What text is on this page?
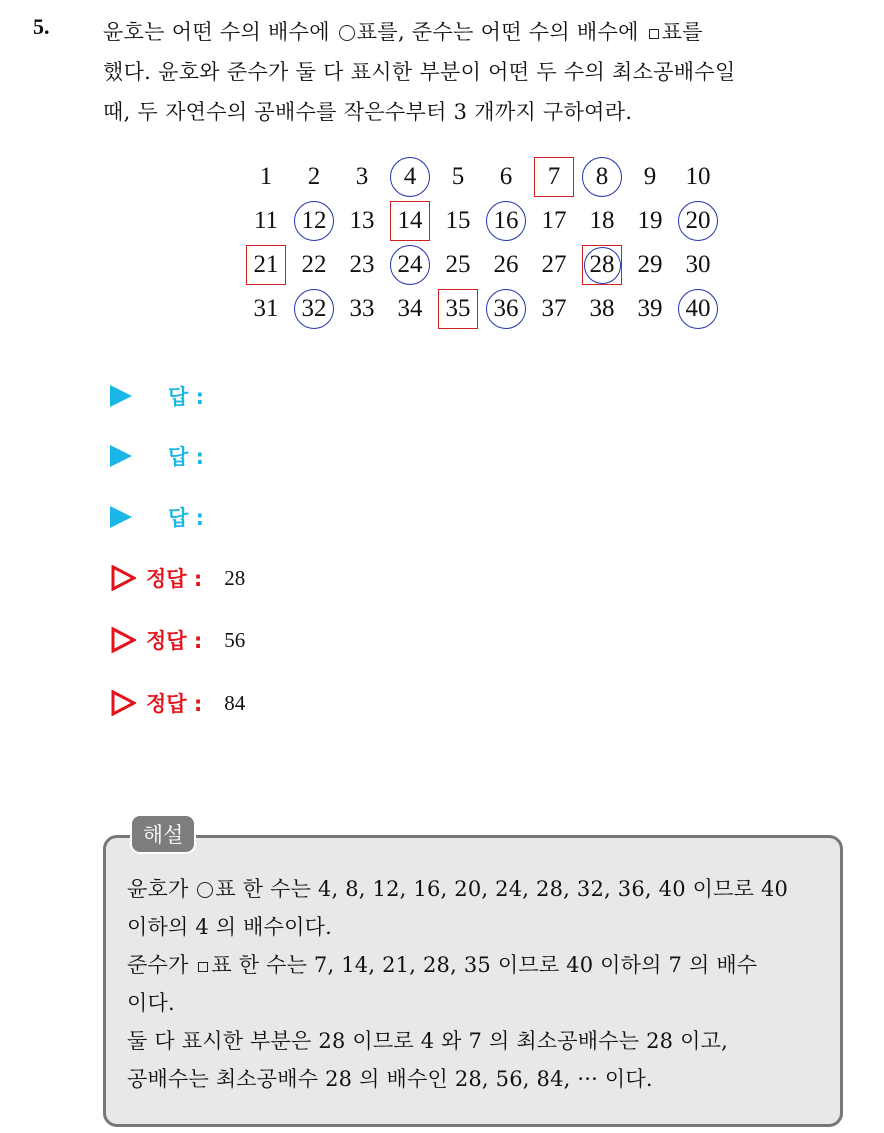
5.	윤호는 어떤 수의 배수에 ○ 표를, 준수는 어떤 수의 배수에 표를
했다. 윤호와 준수가 둘 다 표시한 부분이 어떤 두 수의 최소공배수일
때, 두 자연수의 공배수를 작은수부터 3 개까지 구하여라.
1 2 3	4	5 6	7	8	9 10
11 12 13 14 15 16 17 18 19 20
21 22 23 24 25 26 27 28 29 30
31 32 33 34 35 36 37 38 39 40
답 :
답 :
답 :
정답 : 28
정답 : 56
정답 : 84
해설
윤호가 ○ 표 한 수는 4, 8, 12, 16, 20, 24, 28, 32, 36, 40 이므로 40
이하의 4 의 배수이다.
준수가 표 한 수는 7, 14, 21, 28, 35 이므로 40 이하의 7 의 배수
이다.
둘 다 표시한 부분은 28 이므로 4 와 7 의 최소공배수는 28 이고,
공배수는 최소공배수 28 의 배수인 28, 56, 84, ··· 이다.
